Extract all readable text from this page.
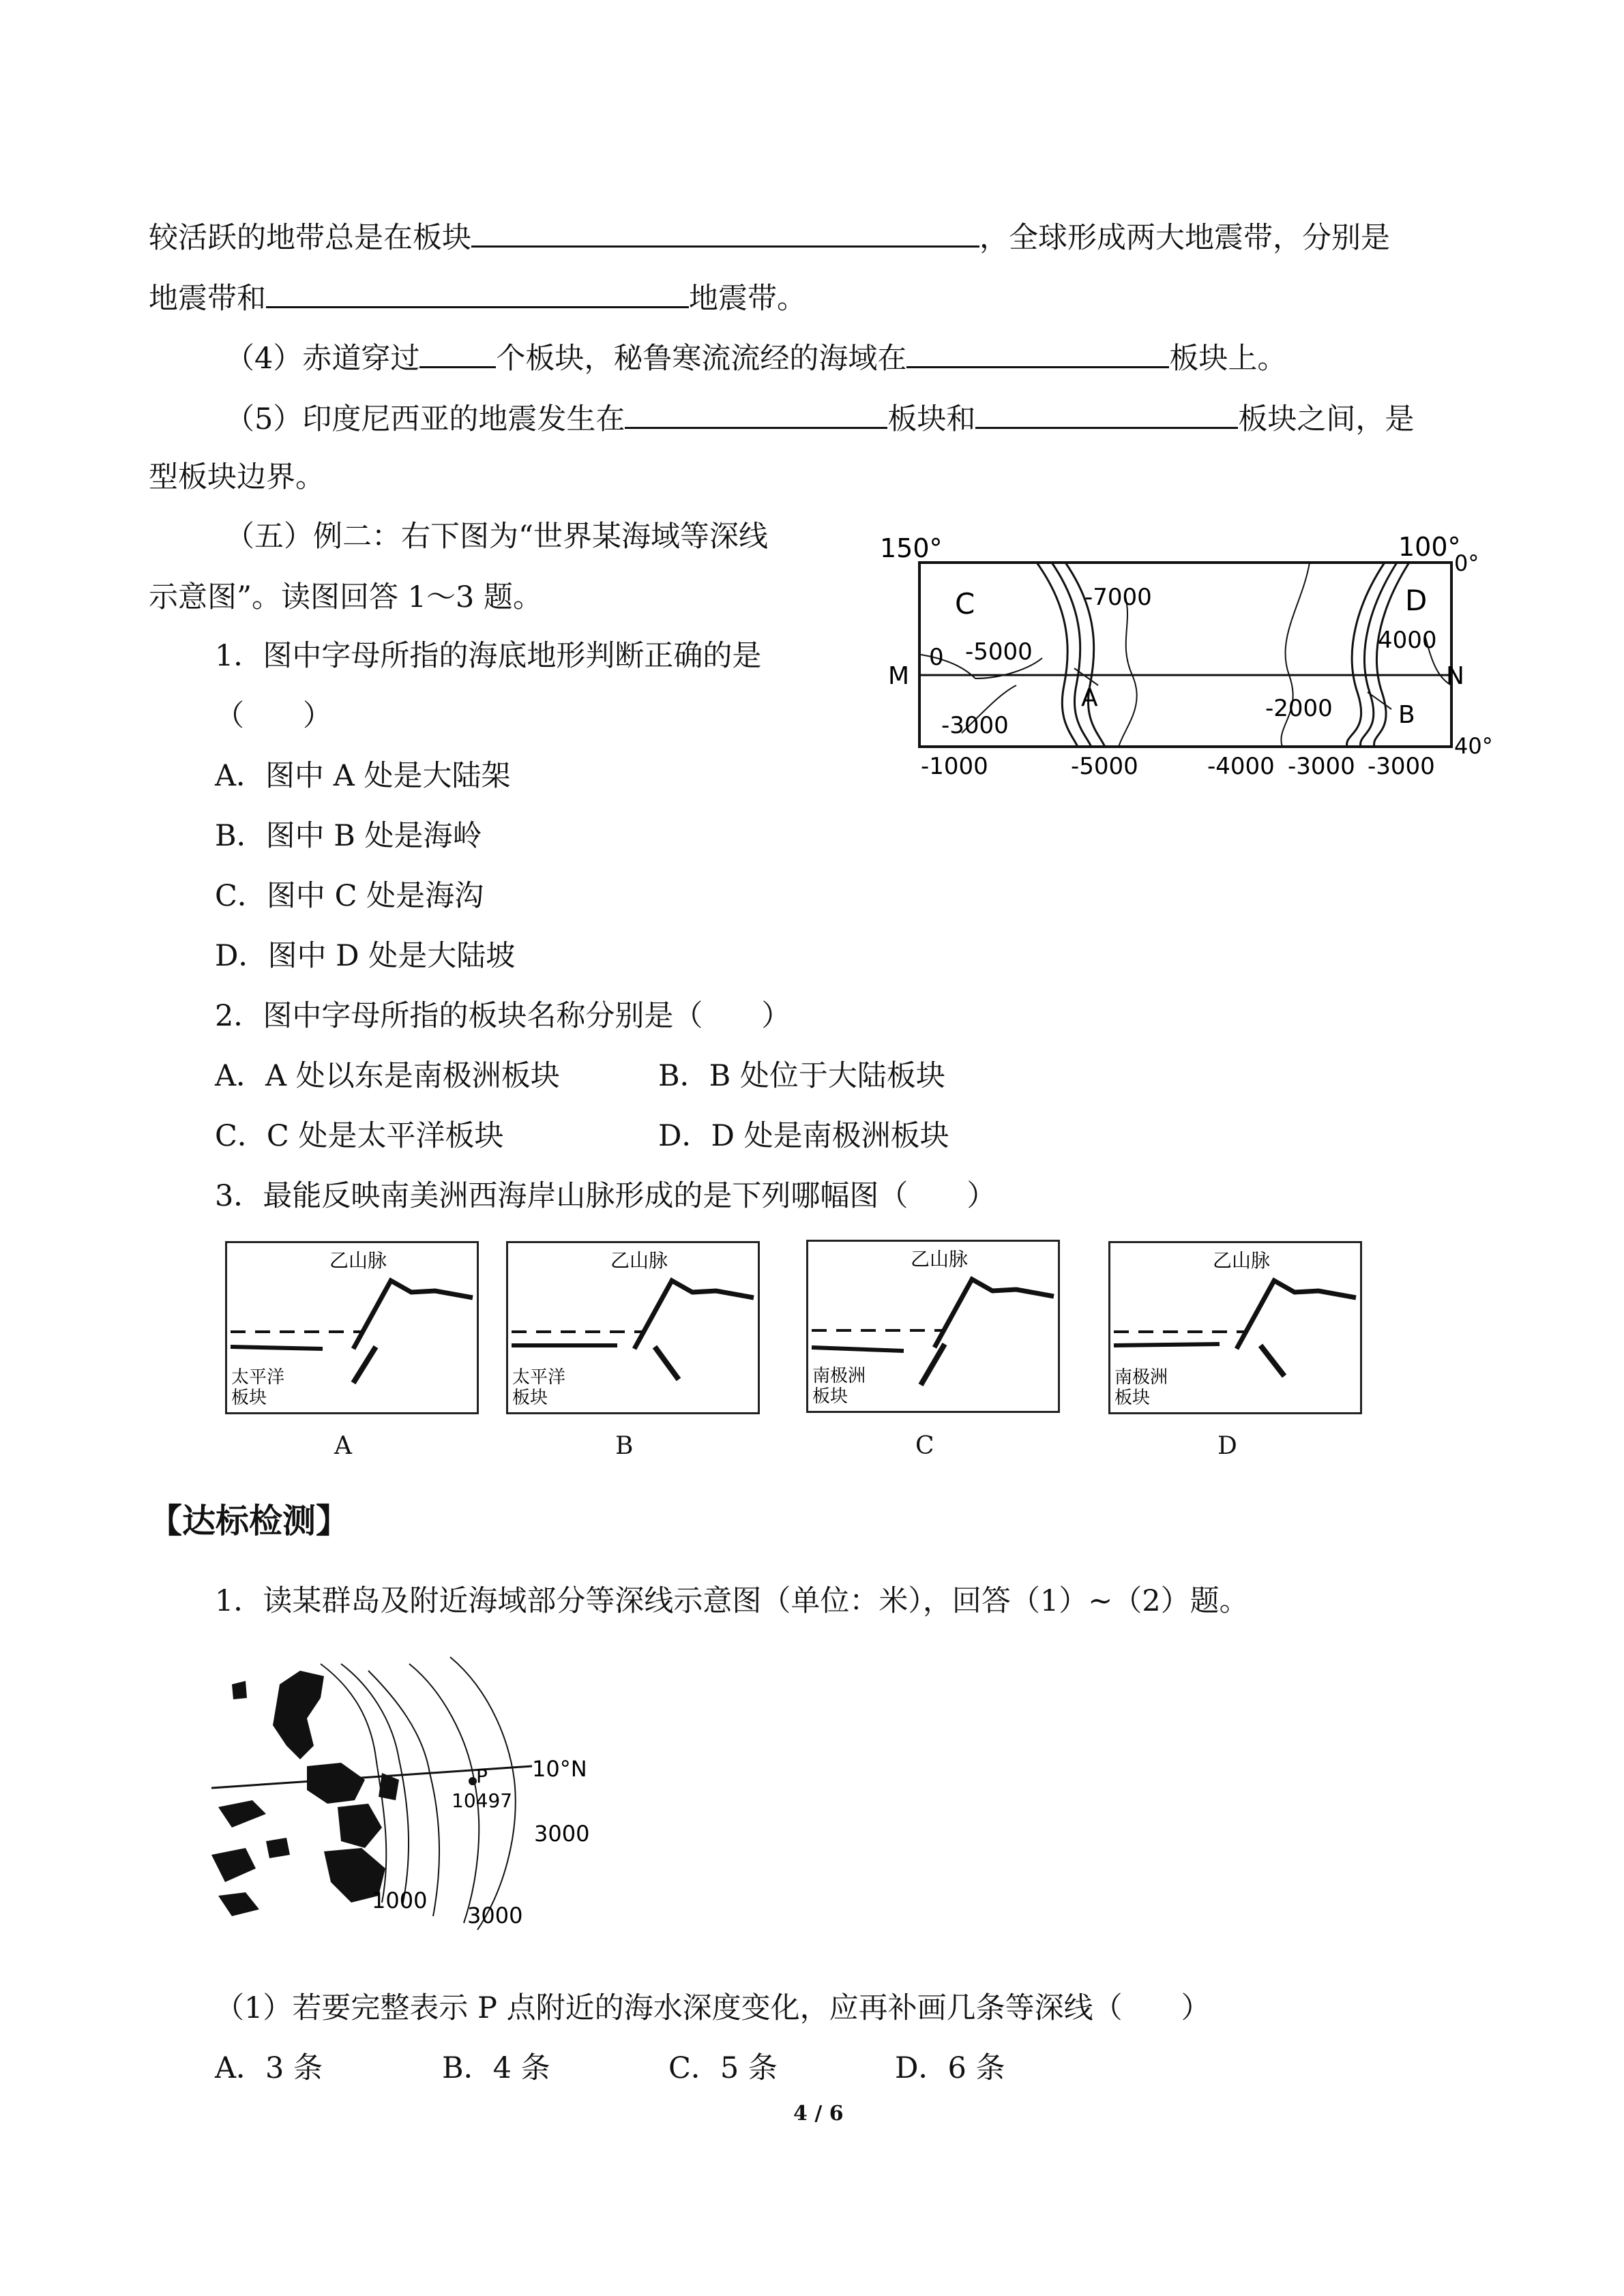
较活跃的地带总是在板块	，全球形成两大地震带，分别是
地震带和	地震带。
（4）赤道穿过	个板块，秘鲁寒流流经的海域在	板块上。
（5）印度尼西亚的地震发生在	板块和	板块之间，是
型板块边界。
（五）例二：右下图为“世界某海域等深线
示意图”。读图回答 1～3 题。
1．图中字母所指的海底地形判断正确的是
（　　）
A．图中 A 处是大陆架
B．图中 B 处是海岭
C．图中 C 处是海沟
D．图中 D 处是大陆坡
2．图中字母所指的板块名称分别是（　　）
A．A 处以东是南极洲板块	B．B 处位于大陆板块
C．C 处是太平洋板块	D．D 处是南极洲板块
3．最能反映南美洲西海岸山脉形成的是下列哪幅图（　　）
150°	100°
0°
40°
C	D
A
B
M	N
-7000
-5000
0
-3000
-2000
4000
-1000	-5000	-4000 -3000 -3000
乙山脉
太平洋
板块
A
乙山脉
太平洋
板块
B
乙山脉
南极洲
板块
C
乙山脉
南极洲
板块
D
【达标检测】
1．读某群岛及附近海域部分等深线示意图（单位：米），回答（1）~（2）题。
10°N
P
10497
3000
1000
3000
（1）若要完整表示 P 点附近的海水深度变化，应再补画几条等深线（　　）
A．3 条	B．4 条	C．5 条	D．6 条
4 / 6
